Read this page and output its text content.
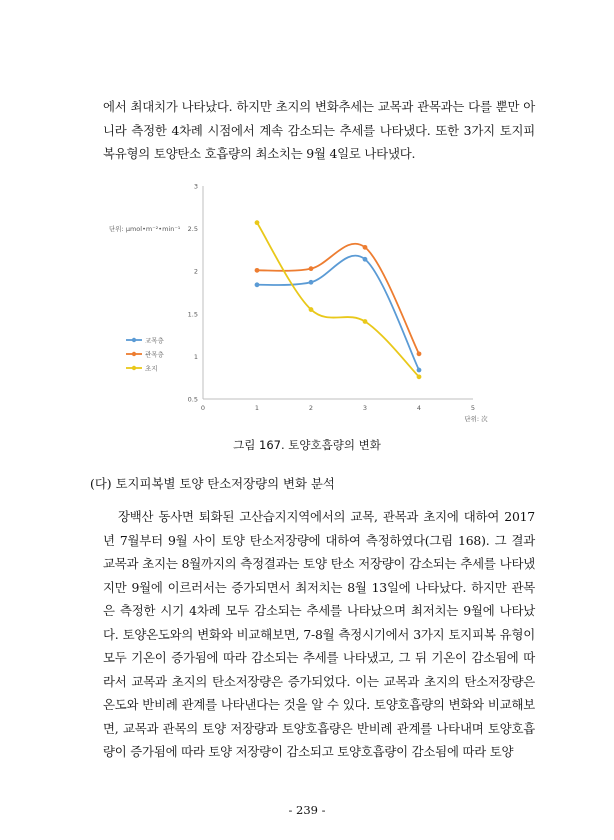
에서 최대치가 나타났다. 하지만 초지의 변화추세는 교목과 관목과는 다를 뿐만 아니라 측정한 4차례 시점에서 계속 감소되는 추세를 나타냈다. 또한 3가지 토지피복유형의 토양탄소 호흡량의 최소치는 9월 4일로 나타냈다.

0.5
1
1.5
2
2.5
3
0	1	2	3	4	5
단위: μmol•m⁻²•min⁻¹
단위: 次
교목층
관목층
초지
그림 167. 토양호흡량의 변화

(다) 토지피복별 토양 탄소저장량의 변화 분석

장백산 동사면 퇴화된 고산습지지역에서의 교목, 관목과 초지에 대하여 2017년 7월부터 9월 사이 토양 탄소저장량에 대하여 측정하였다(그림 168). 그 결과 교목과 초지는 8월까지의 측정결과는 토양 탄소 저장량이 감소되는 추세를 나타냈지만 9월에 이르러서는 증가되면서 최저치는 8월 13일에 나타났다. 하지만 관목은 측정한 시기 4차례 모두 감소되는 추세를 나타났으며 최저치는 9월에 나타났다. 토양온도와의 변화와 비교해보면, 7-8월 측정시기에서 3가지 토지피복 유형이 모두 기온이 증가됨에 따라 감소되는 추세를 나타냈고, 그 뒤 기온이 감소됨에 따라서 교목과 초지의 탄소저장량은 증가되었다. 이는 교목과 초지의 탄소저장량은 온도와 반비례 관계를 나타낸다는 것을 알 수 있다. 토양호흡량의 변화와 비교해보면, 교목과 관목의 토양 저장량과 토양호흡량은 반비례 관계를 나타내며 토양호흡량이 증가됨에 따라 토양 저장량이 감소되고 토양호흡량이 감소됨에 따라 토양

- 239 -
